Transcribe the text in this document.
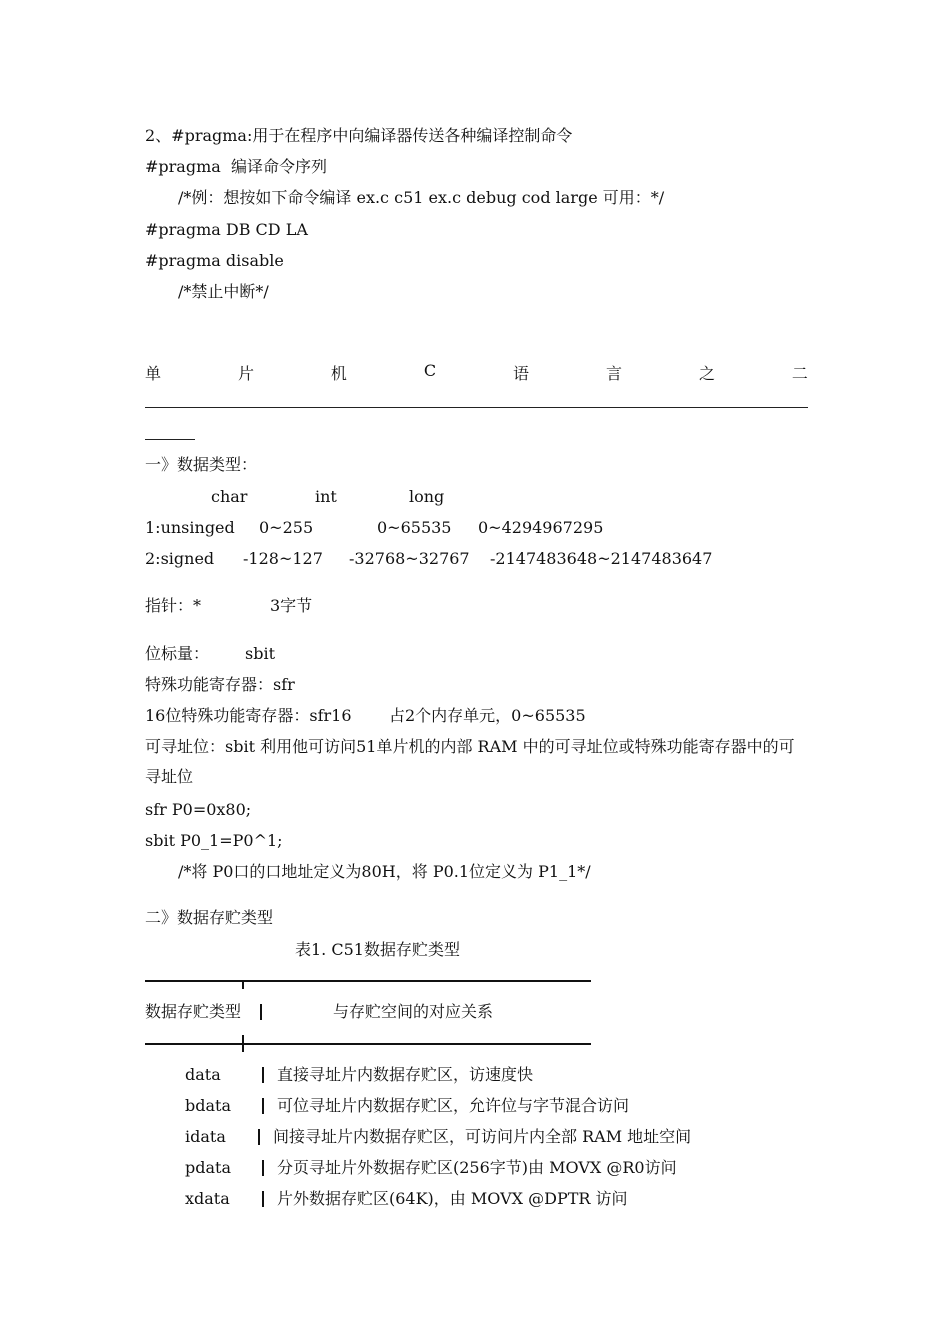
2、#pragma:用于在程序中向编译器传送各种编译控制命令
#pragma  编译命令序列
/*例：想按如下命令编译 ex.c c51 ex.c debug cod large 可用：*/
#pragma DB CD LA
#pragma disable
/*禁止中断*/
单	片	机	C	语	言	之	二
一》数据类型：
char	int	long
1:unsinged 0~255	0~65535 0~4294967295
2:signed -128~127 -32768~32767 -2147483648~2147483647
指针：*	3字节
位标量： sbit
特殊功能寄存器：sfr
16位特殊功能寄存器：sfr16 占2个内存单元，0~65535
可寻址位：sbit 利用他可访问51单片机的内部 RAM 中的可寻址位或特殊功能寄存器中的可
寻址位
sfr P0=0x80;
sbit P0_1=P0^1;
/*将 P0口的口地址定义为80H，将 P0.1位定义为 P1_1*/
二》数据存贮类型
表1. C51数据存贮类型
数据存贮类型	与存贮空间的对应关系
data	直接寻址片内数据存贮区，访速度快
bdata	可位寻址片内数据存贮区，允许位与字节混合访问
idata	间接寻址片内数据存贮区，可访问片内全部 RAM 地址空间
pdata	分页寻址片外数据存贮区(256字节)由 MOVX @R0访问
xdata	片外数据存贮区(64K)，由 MOVX @DPTR 访问
